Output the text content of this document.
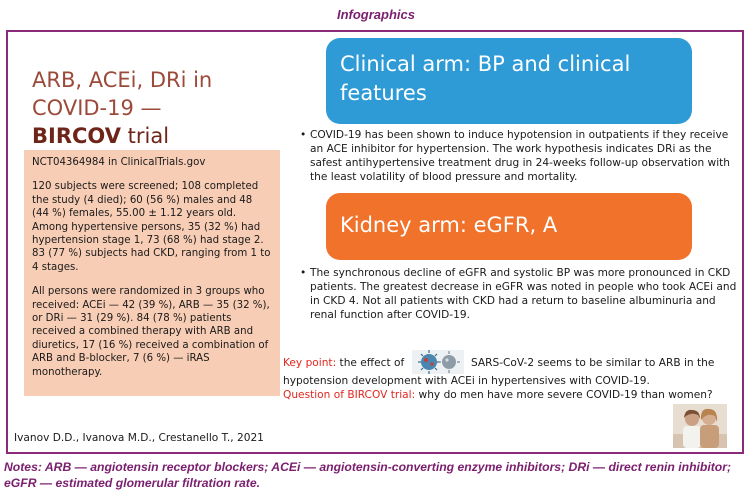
Infographics
ARB, ACEi, DRi in
COVID-19 —
BIRCOV trial

NCT04364984 in ClinicalTrials.gov

120 subjects were screened; 108 completed the study (4 died); 60 (56 %) males and 48 (44 %) females, 55.00 ± 1.12 years old. Among hypertensive persons, 35 (32 %) had hypertension stage 1, 73 (68 %) had stage 2. 83 (77 %) subjects had CKD, ranging from 1 to 4 stages.

All persons were randomized in 3 groups who received: ACEi — 42 (39 %), ARB — 35 (32 %), or DRi — 31 (29 %). 84 (78 %) patients received a combined therapy with ARB and diuretics, 17 (16 %) received a combination of ARB and B-blocker, 7 (6 %) — iRAS monotherapy.

Clinical arm: BP and clinical features
• COVID-19 has been shown to induce hypotension in outpatients if they receive an ACE inhibitor for hypertension. The work hypothesis indicates DRi as the safest antihypertensive treatment drug in 24-weeks follow-up observation with the least volatility of blood pressure and mortality.
Kidney arm: eGFR, A
• The synchronous decline of eGFR and systolic BP was more pronounced in CKD patients. The greatest decrease in eGFR was noted in people who took ACEi and in CKD 4. Not all patients with CKD had a return to baseline albuminuria and renal function after COVID-19.
Key point: the effect of	SARS-CoV-2 seems to be similar to ARB in the hypotension development with ACEi in hypertensives with COVID-19.
Question of BIRCOV trial: why do men have more severe COVID-19 than women?
Ivanov D.D., Ivanova M.D., Crestanello T., 2021
Notes: ARB — angiotensin receptor blockers; ACEi — angiotensin-converting enzyme inhibitors; DRi — direct renin inhibitor; eGFR — estimated glomerular filtration rate.
